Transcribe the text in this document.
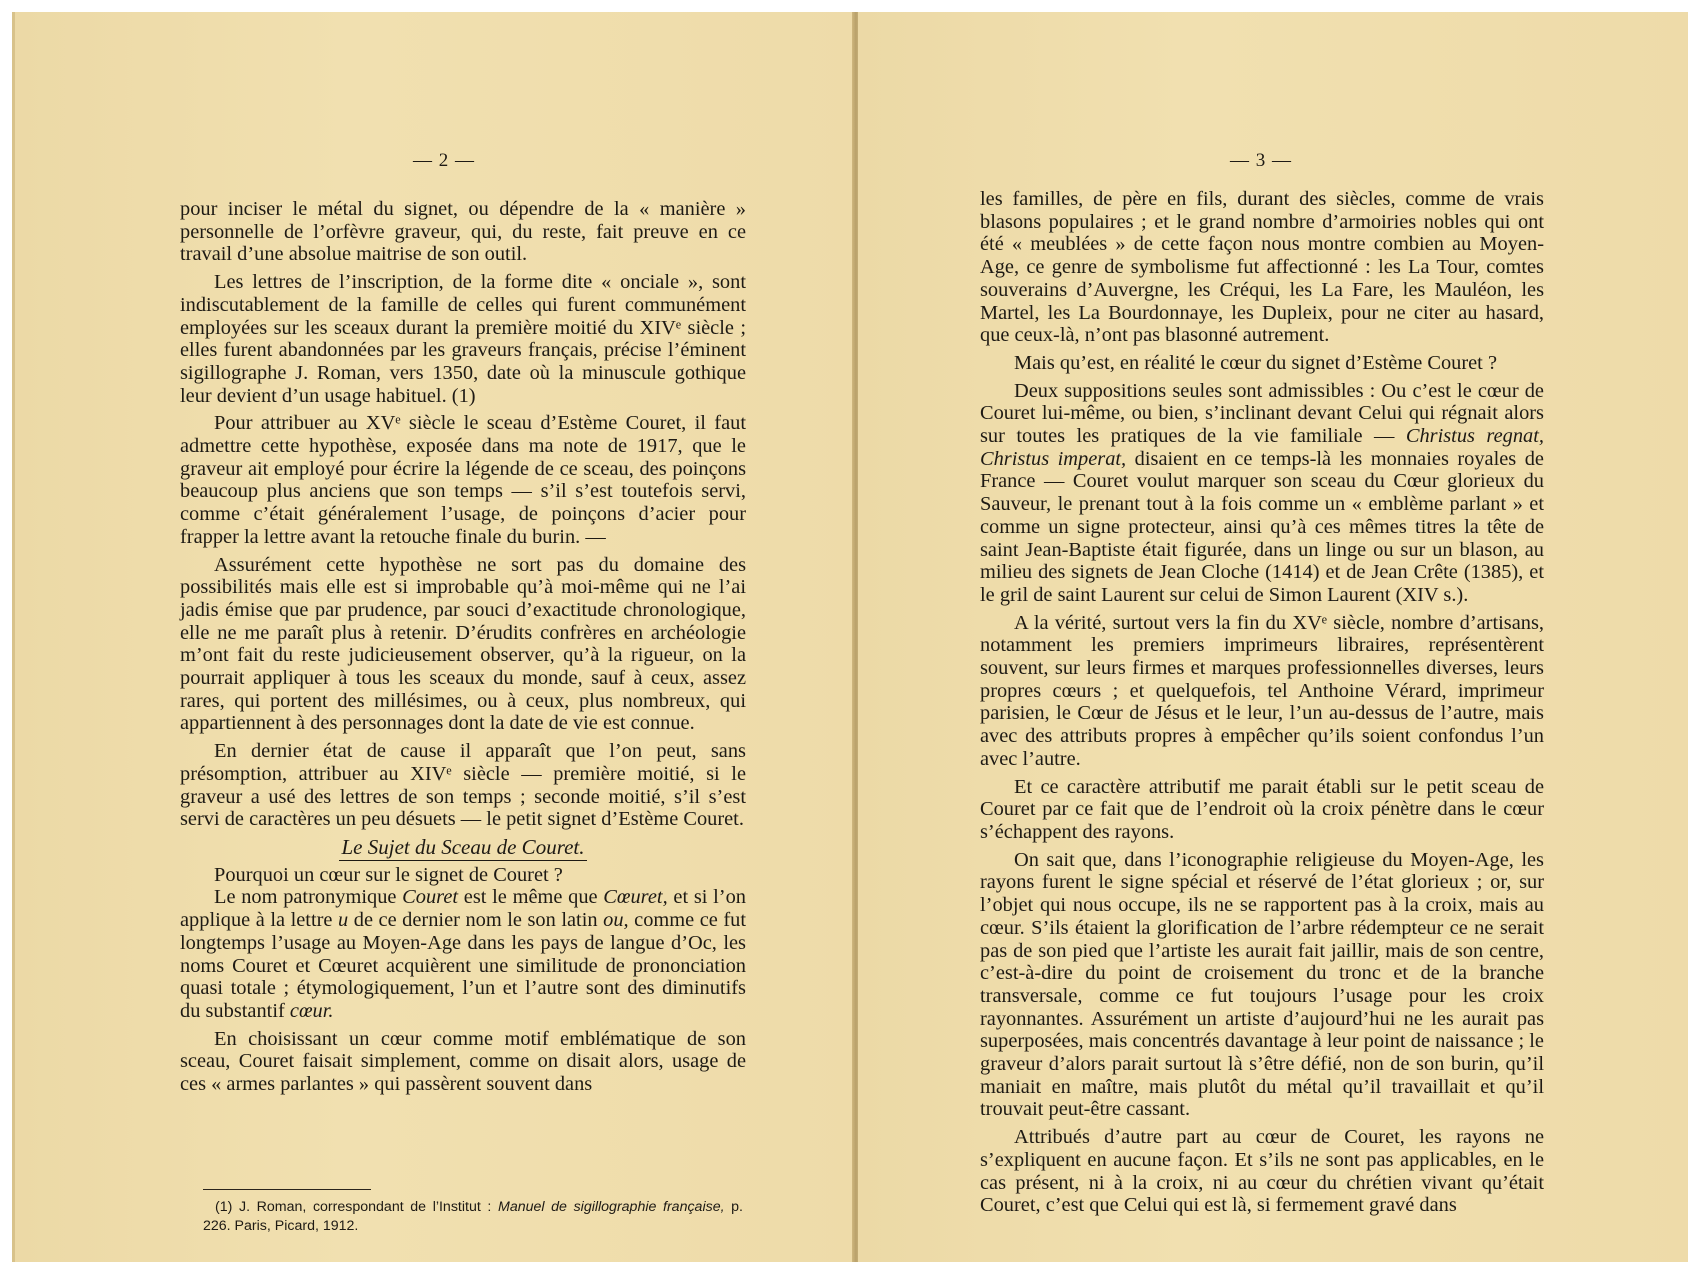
— 2 —

pour inciser le métal du signet, ou dépendre de la « manière » personnelle de l’orfèvre graveur, qui, du reste, fait preuve en ce travail d’une absolue maitrise de son outil.

Les lettres de l’inscription, de la forme dite « onciale », sont indiscutablement de la famille de celles qui furent communément employées sur les sceaux durant la première moitié du XIVᵉ siècle ; elles furent abandonnées par les graveurs français, précise l’éminent sigillographe J. Roman, vers 1350, date où la minuscule gothique leur devient d’un usage habituel. (1)

Pour attribuer au XVᵉ siècle le sceau d’Estème Couret, il faut admettre cette hypothèse, exposée dans ma note de 1917, que le graveur ait employé pour écrire la légende de ce sceau, des poinçons beaucoup plus anciens que son temps — s’il s’est toutefois servi, comme c’était généralement l’usage, de poinçons d’acier pour frapper la lettre avant la retouche finale du burin. —

Assurément cette hypothèse ne sort pas du domaine des possibilités mais elle est si improbable qu’à moi-même qui ne l’ai jadis émise que par prudence, par souci d’exactitude chronologique, elle ne me paraît plus à retenir. D’érudits confrères en archéologie m’ont fait du reste judicieusement observer, qu’à la rigueur, on la pourrait appliquer à tous les sceaux du monde, sauf à ceux, assez rares, qui portent des millésimes, ou à ceux, plus nombreux, qui appartiennent à des personnages dont la date de vie est connue.

En dernier état de cause il apparaît que l’on peut, sans présomption, attribuer au XIVᵉ siècle — première moitié, si le graveur a usé des lettres de son temps ; seconde moitié, s’il s’est servi de caractères un peu désuets — le petit signet d’Estème Couret.

Le Sujet du Sceau de Couret.

Pourquoi un cœur sur le signet de Couret ?

Le nom patronymique Couret est le même que Cœuret, et si l’on applique à la lettre u de ce dernier nom le son latin ou, comme ce fut longtemps l’usage au Moyen-Age dans les pays de langue d’Oc, les noms Couret et Cœuret acquièrent une similitude de prononciation quasi totale ; étymologiquement, l’un et l’autre sont des diminutifs du substantif cœur.

En choisissant un cœur comme motif emblématique de son sceau, Couret faisait simplement, comme on disait alors, usage de ces « armes parlantes » qui passèrent souvent dans

(1) J. Roman, correspondant de l’Institut : Manuel de sigillographie française, p. 226. Paris, Picard, 1912.
— 3 —

les familles, de père en fils, durant des siècles, comme de vrais blasons populaires ; et le grand nombre d’armoiries nobles qui ont été « meublées » de cette façon nous montre combien au Moyen-Age, ce genre de symbolisme fut affectionné : les La Tour, comtes souverains d’Auvergne, les Créqui, les La Fare, les Mauléon, les Martel, les La Bourdonnaye, les Dupleix, pour ne citer au hasard, que ceux-là, n’ont pas blasonné autrement.

Mais qu’est, en réalité le cœur du signet d’Estème Couret ?

Deux suppositions seules sont admissibles : Ou c’est le cœur de Couret lui-même, ou bien, s’inclinant devant Celui qui régnait alors sur toutes les pratiques de la vie familiale — Christus regnat, Christus imperat, disaient en ce temps-là les monnaies royales de France — Couret voulut marquer son sceau du Cœur glorieux du Sauveur, le prenant tout à la fois comme un « emblème parlant » et comme un signe protecteur, ainsi qu’à ces mêmes titres la tête de saint Jean-Baptiste était figurée, dans un linge ou sur un blason, au milieu des signets de Jean Cloche (1414) et de Jean Crête (1385), et le gril de saint Laurent sur celui de Simon Laurent (XIV s.).

A la vérité, surtout vers la fin du XVᵉ siècle, nombre d’artisans, notamment les premiers imprimeurs libraires, représentèrent souvent, sur leurs firmes et marques professionnelles diverses, leurs propres cœurs ; et quelquefois, tel Anthoine Vérard, imprimeur parisien, le Cœur de Jésus et le leur, l’un au-dessus de l’autre, mais avec des attributs propres à empêcher qu’ils soient confondus l’un avec l’autre.

Et ce caractère attributif me parait établi sur le petit sceau de Couret par ce fait que de l’endroit où la croix pénètre dans le cœur s’échappent des rayons.

On sait que, dans l’iconographie religieuse du Moyen-Age, les rayons furent le signe spécial et réservé de l’état glorieux ; or, sur l’objet qui nous occupe, ils ne se rapportent pas à la croix, mais au cœur. S’ils étaient la glorification de l’arbre rédempteur ce ne serait pas de son pied que l’artiste les aurait fait jaillir, mais de son centre, c’est-à-dire du point de croisement du tronc et de la branche transversale, comme ce fut toujours l’usage pour les croix rayonnantes. Assurément un artiste d’aujourd’hui ne les aurait pas superposées, mais concentrés davantage à leur point de naissance ; le graveur d’alors parait surtout là s’être défié, non de son burin, qu’il maniait en maître, mais plutôt du métal qu’il travaillait et qu’il trouvait peut-être cassant.

Attribués d’autre part au cœur de Couret, les rayons ne s’expliquent en aucune façon. Et s’ils ne sont pas applicables, en le cas présent, ni à la croix, ni au cœur du chrétien vivant qu’était Couret, c’est que Celui qui est là, si fermement gravé dans
